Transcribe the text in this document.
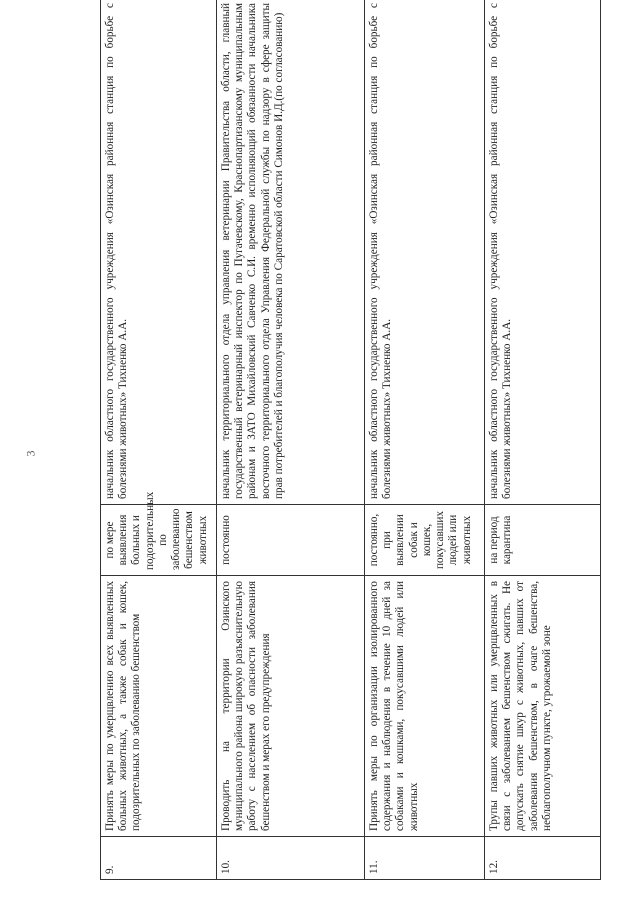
3
9.	Принять меры по умерщвлению всех выявленных больных животных, а также собак и кошек, подозрительных по заболеванию бешенством	по мере выявления больных и подозрительных по заболеванию бешенством животных	начальник областного государственного учреждения «Озинская районная станция по борьбе с болезнями животных» Тихненко А.А.
10.	Проводить на территории Озинского муниципального района широкую разъяснительную работу с населением об опасности заболевания бешенством и мерах его предупреждения	постоянно	начальник территориального отдела управления ветеринарии Правительства области, главный государственный ветеринарный инспектор по Пугачевскому, Краснопартизанскому муниципальным районам и ЗАТО Михайловский Савченко С.И. временно исполняющий обязанности начальника восточного территориального отдела Управления Федеральной службы по надзору в сфере защиты прав потребителей и благополучия человека по Саратовской области Симонов И.Д.(по согласованию)
11.	Принять меры по организации изолированного содержания и наблюдения в течение 10 дней за собаками и кошками, покусавшими людей или животных	постоянно, при выявлении собак и кошек, покусавших людей или животных	начальник областного государственного учреждения «Озинская районная станция по борьбе с болезнями животных» Тихненко А.А.
12.	Трупы павших животных или умерщвленных в связи с заболеванием бешенством сжигать. Не допускать снятие шкур с животных, павших от заболевания бешенством, в очаге бешенства, неблагополучном пункте, угрожаемой зоне	на период карантина	начальник областного государственного учреждения «Озинская районная станция по борьбе с болезнями животных» Тихненко А.А.
